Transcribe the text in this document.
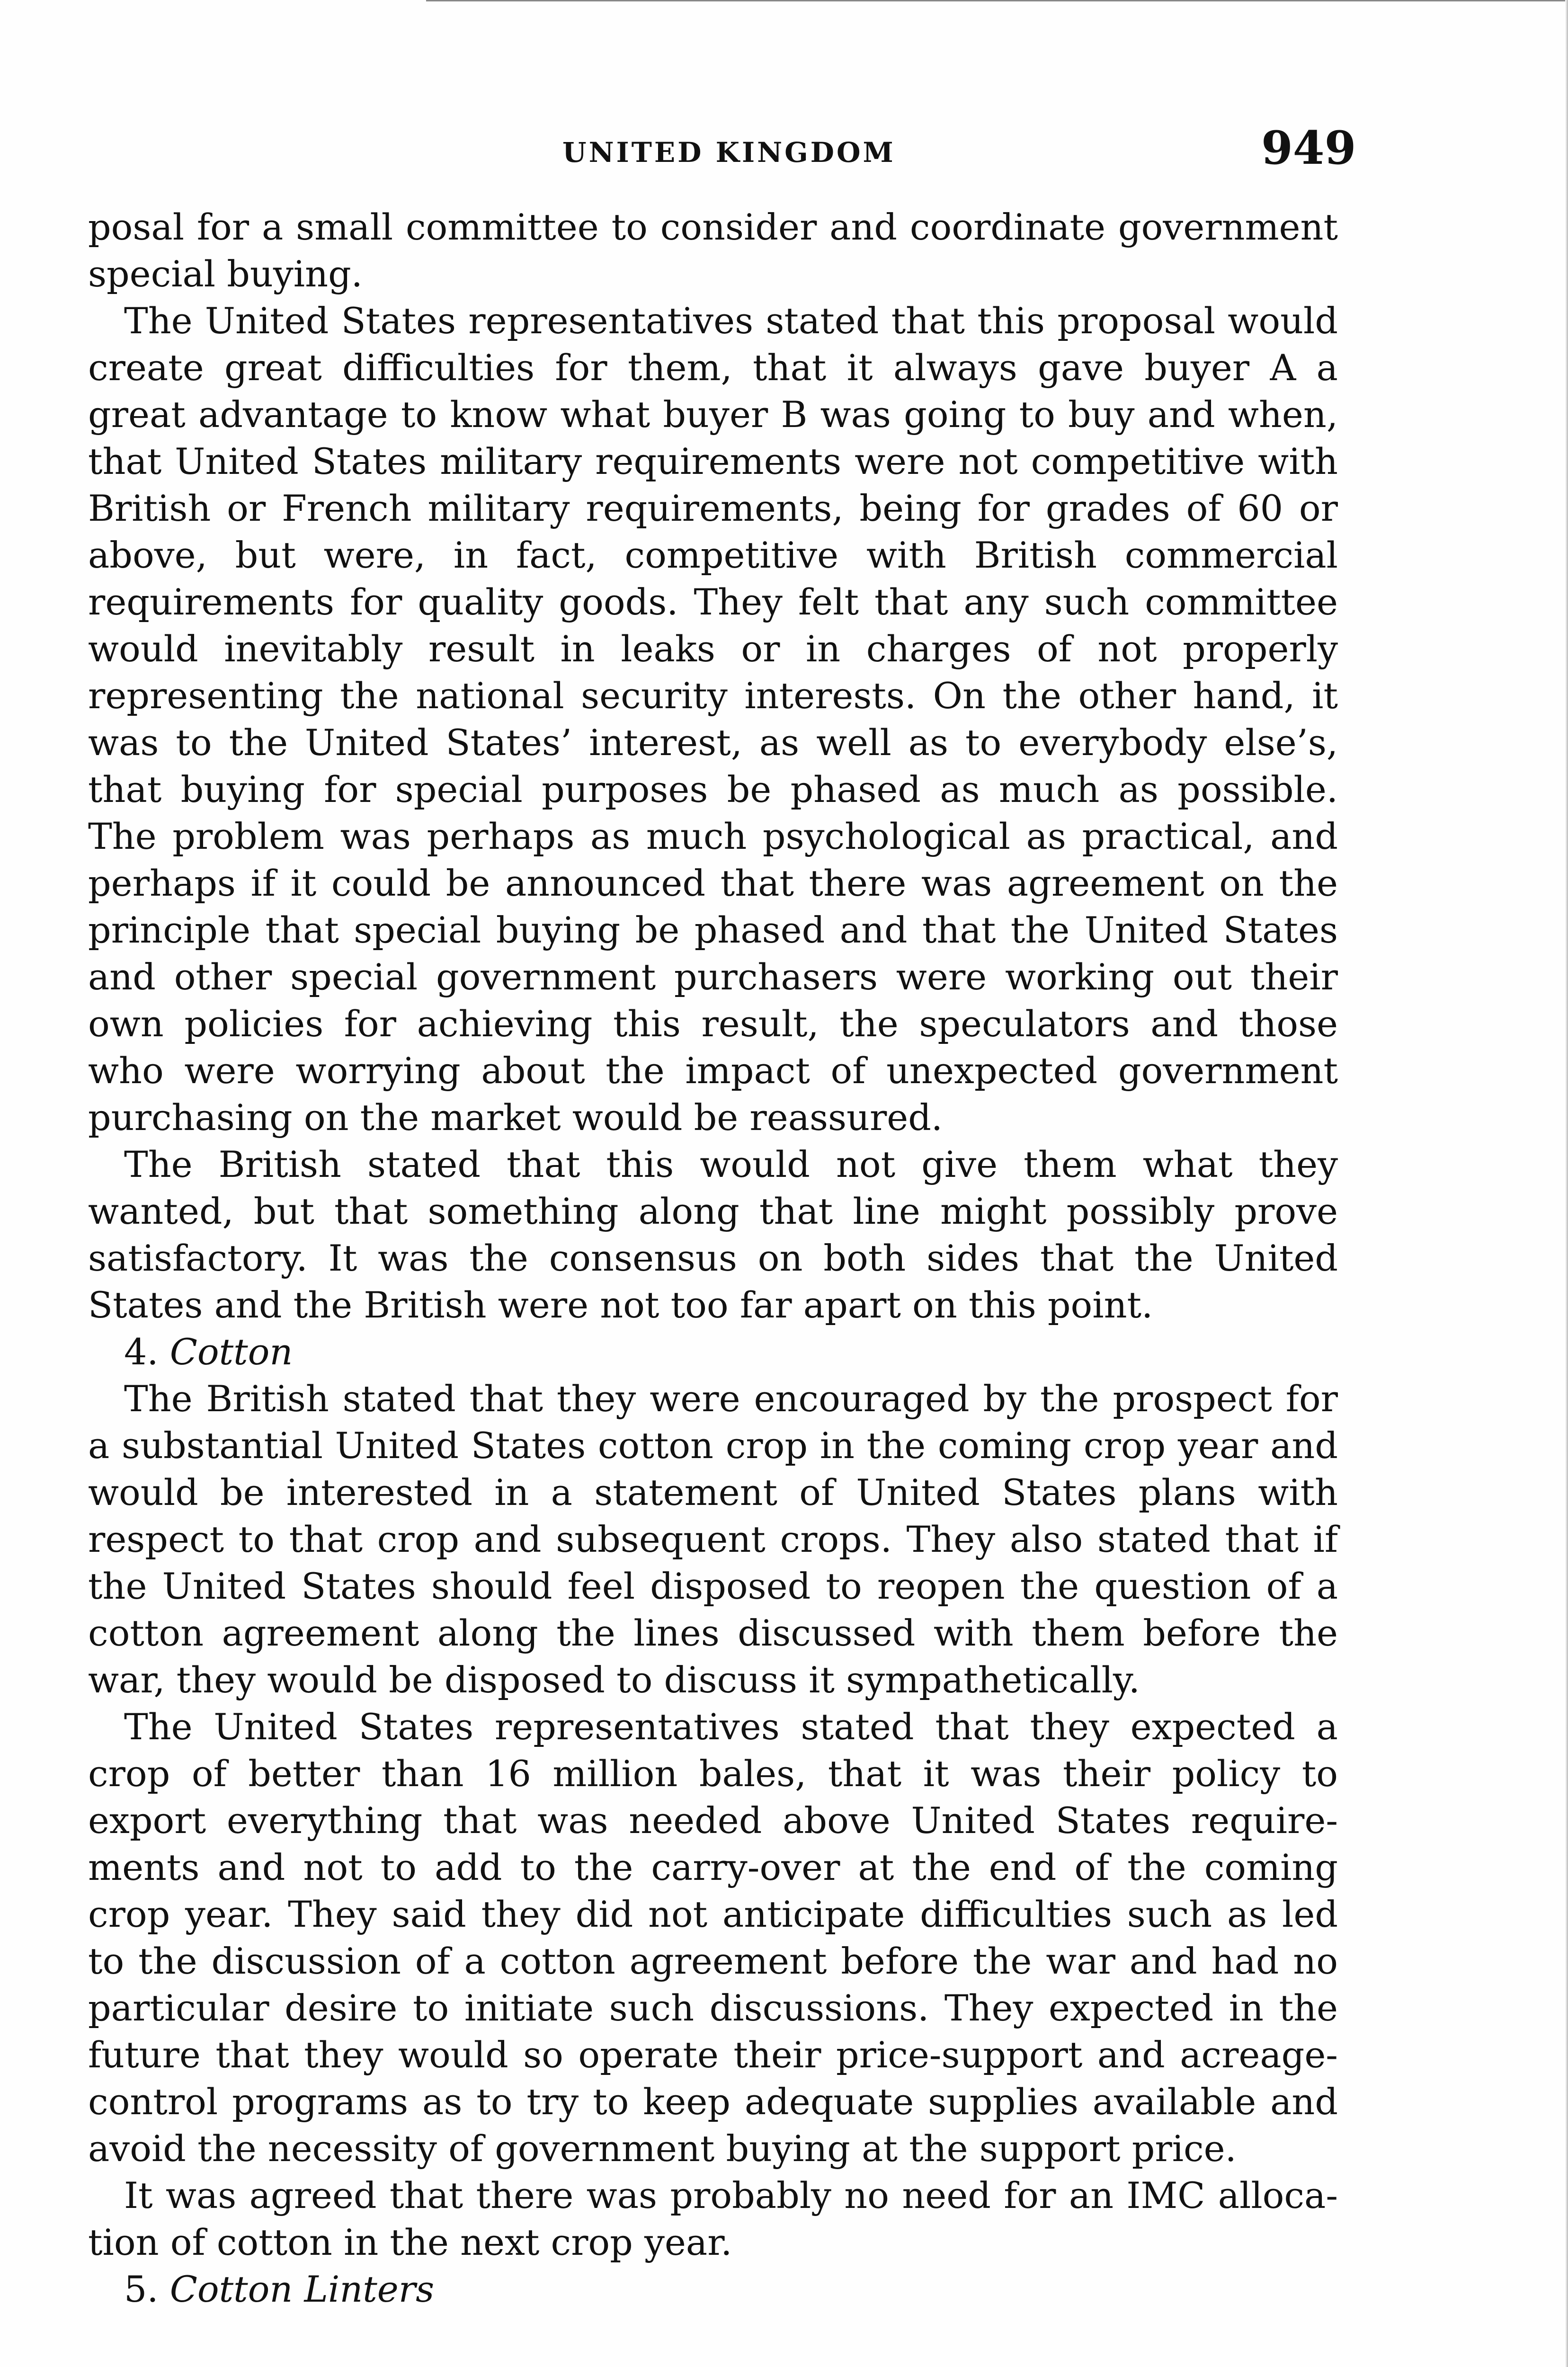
UNITED KINGDOM	949

posal for a small committee to consider and coordinate government special buying.

The United States representatives stated that this proposal would create great difficulties for them, that it always gave buyer A a great advantage to know what buyer B was going to buy and when, that United States military requirements were not competitive with British or French military requirements, being for grades of 60 or above, but were, in fact, competitive with British commercial requirements for quality goods. They felt that any such committee would inevitably result in leaks or in charges of not properly representing the national security interests. On the other hand, it was to the United States’ interest, as well as to everybody else’s, that buying for special purposes be phased as much as possible. The problem was perhaps as much psychological as practical, and perhaps if it could be announced that there was agreement on the principle that special buying be phased and that the United States and other special government purchasers were working out their own policies for achieving this result, the speculators and those who were worrying about the impact of unexpected government purchasing on the market would be reassured.

The British stated that this would not give them what they wanted, but that something along that line might possibly prove satisfactory. It was the consensus on both sides that the United States and the British were not too far apart on this point.

4. Cotton

The British stated that they were encouraged by the prospect for a substantial United States cotton crop in the coming crop year and would be interested in a statement of United States plans with respect to that crop and subsequent crops. They also stated that if the United States should feel disposed to reopen the question of a cotton agreement along the lines discussed with them before the war, they would be disposed to discuss it sympathetically.

The United States representatives stated that they expected a crop of better than 16 million bales, that it was their policy to export everything that was needed above United States requirements and not to add to the carry-over at the end of the coming crop year. They said they did not anticipate difficulties such as led to the discussion of a cotton agreement before the war and had no particular desire to initiate such discussions. They expected in the future that they would so operate their price-support and acreage-control programs as to try to keep adequate supplies available and avoid the necessity of government buying at the support price.

It was agreed that there was probably no need for an IMC allocation of cotton in the next crop year.

5. Cotton Linters
